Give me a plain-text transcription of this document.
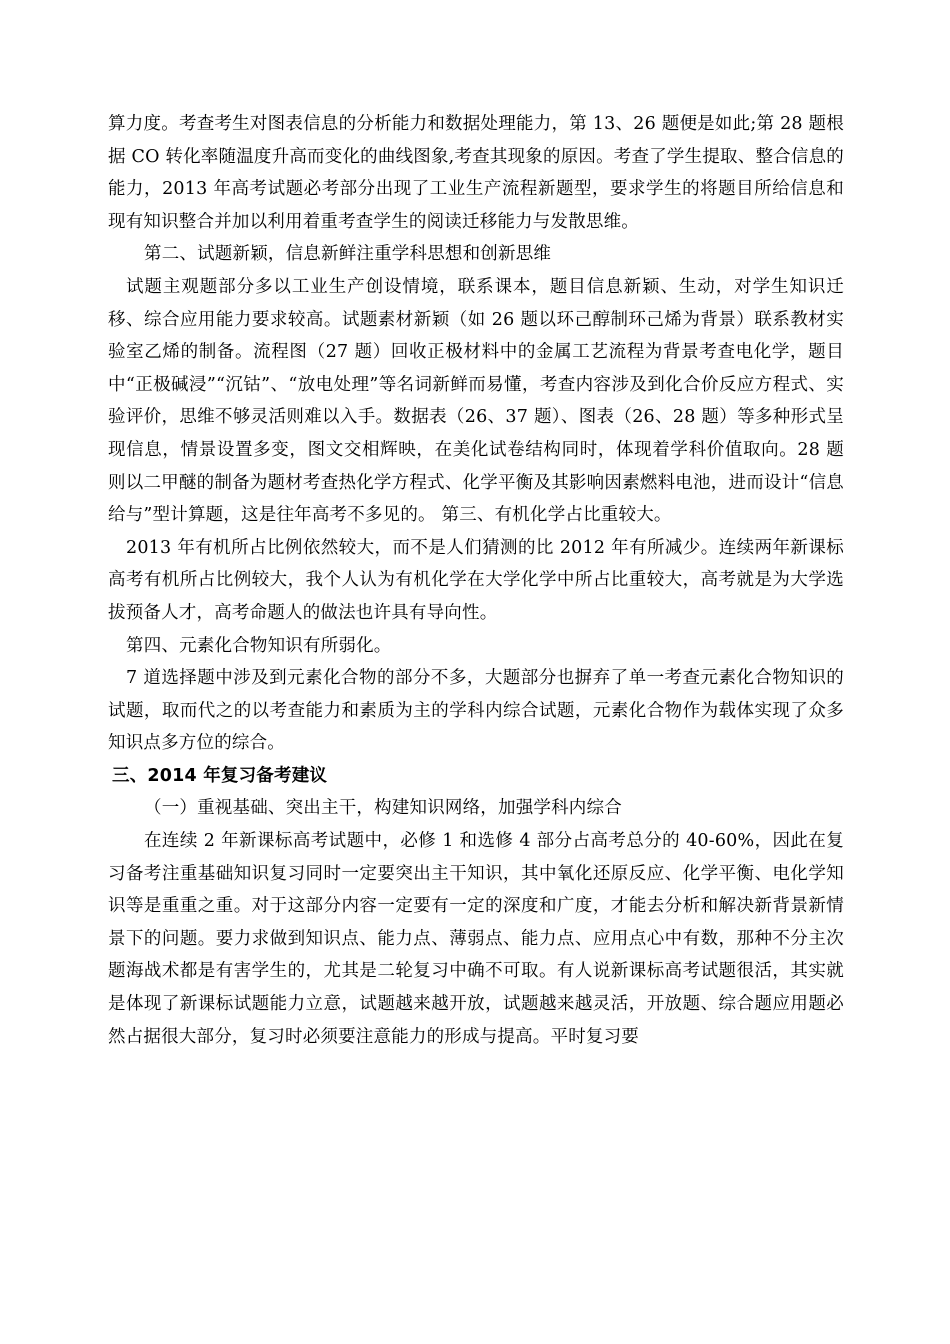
算力度。考查考生对图表信息的分析能力和数据处理能力，第 13、26 题便是如此;第 28 题根据 CO 转化率随温度升高而变化的曲线图象,考查其现象的原因。考查了学生提取、整合信息的能力，2013 年高考试题必考部分出现了工业生产流程新题型，要求学生的将题目所给信息和现有知识整合并加以利用着重考查学生的阅读迁移能力与发散思维。

第二、试题新颖，信息新鲜注重学科思想和创新思维

试题主观题部分多以工业生产创设情境，联系课本，题目信息新颖、生动，对学生知识迁移、综合应用能力要求较高。试题素材新颖（如 26 题以环己醇制环己烯为背景）联系教材实验室乙烯的制备。流程图（27 题）回收正极材料中的金属工艺流程为背景考查电化学，题目中“正极碱浸”“沉钴”、“放电处理”等名词新鲜而易懂，考查内容涉及到化合价反应方程式、实验评价，思维不够灵活则难以入手。数据表（26、37 题）、图表（26、28 题）等多种形式呈现信息，情景设置多变，图文交相辉映，在美化试卷结构同时，体现着学科价值取向。28 题则以二甲醚的制备为题材考查热化学方程式、化学平衡及其影响因素燃料电池，进而设计“信息给与”型计算题，这是往年高考不多见的。 第三、有机化学占比重较大。

2013 年有机所占比例依然较大，而不是人们猜测的比 2012 年有所减少。连续两年新课标高考有机所占比例较大，我个人认为有机化学在大学化学中所占比重较大，高考就是为大学选拔预备人才，高考命题人的做法也许具有导向性。

第四、元素化合物知识有所弱化。

7 道选择题中涉及到元素化合物的部分不多，大题部分也摒弃了单一考查元素化合物知识的试题，取而代之的以考查能力和素质为主的学科内综合试题，元素化合物作为载体实现了众多知识点多方位的综合。

三、2014 年复习备考建议

（一）重视基础、突出主干，构建知识网络，加强学科内综合

在连续 2 年新课标高考试题中，必修 1 和选修 4 部分占高考总分的 40-60%，因此在复习备考注重基础知识复习同时一定要突出主干知识，其中氧化还原反应、化学平衡、电化学知识等是重重之重。对于这部分内容一定要有一定的深度和广度，才能去分析和解决新背景新情景下的问题。要力求做到知识点、能力点、薄弱点、能力点、应用点心中有数，那种不分主次题海战术都是有害学生的，尤其是二轮复习中确不可取。有人说新课标高考试题很活，其实就是体现了新课标试题能力立意，试题越来越开放，试题越来越灵活，开放题、综合题应用题必然占据很大部分，复习时必须要注意能力的形成与提高。平时复习要
